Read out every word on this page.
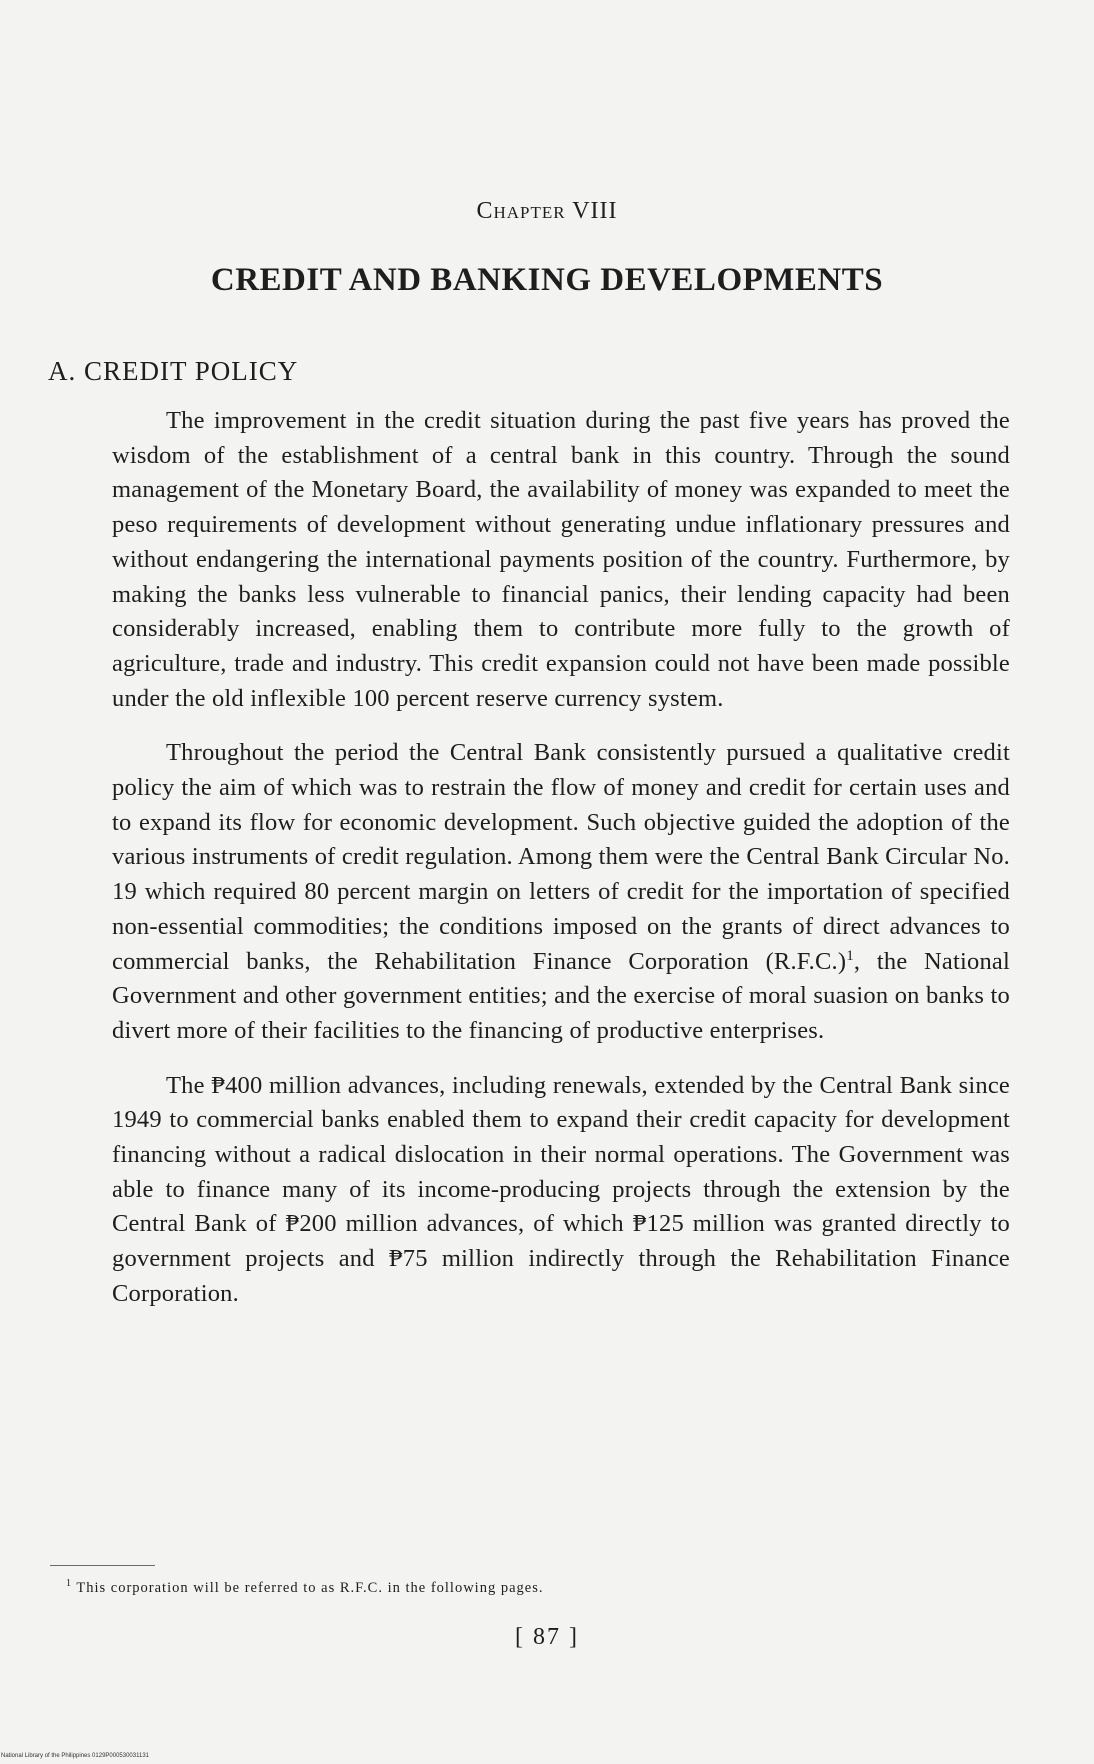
Chapter VIII
CREDIT AND BANKING DEVELOPMENTS
A. CREDIT POLICY

The improvement in the credit situation during the past five years has proved the wisdom of the establishment of a central bank in this country. Through the sound management of the Monetary Board, the availability of money was expanded to meet the peso requirements of development without generating undue inflationary pressures and without endangering the international payments position of the country. Furthermore, by making the banks less vulnerable to financial panics, their lending capacity had been considerably increased, enabling them to contribute more fully to the growth of agriculture, trade and industry. This credit expansion could not have been made possible under the old inflexible 100 percent reserve currency system.

Throughout the period the Central Bank consistently pursued a qualitative credit policy the aim of which was to restrain the flow of money and credit for certain uses and to expand its flow for economic development. Such objective guided the adoption of the various instruments of credit regulation. Among them were the Central Bank Circular No. 19 which required 80 percent margin on letters of credit for the importation of specified non-essential commodities; the conditions imposed on the grants of direct advances to commercial banks, the Rehabilitation Finance Corporation $(R.F.C.)^1$, the National Government and other government entities; and the exercise of moral suasion on banks to divert more of their facilities to the financing of productive enterprises.

The ₱400 million advances, including renewals, extended by the Central Bank since 1949 to commercial banks enabled them to expand their credit capacity for development financing without a radical dislocation in their normal operations. The Government was able to finance many of its income-producing projects through the extension by the Central Bank of ₱200 million advances, of which ₱125 million was granted directly to government projects and ₱75 million indirectly through the Rehabilitation Finance Corporation.

$^1$ This corporation will be referred to as R.F.C. in the following pages.
[ 87 ]
National Library of the Philippines 0129P000530031131
